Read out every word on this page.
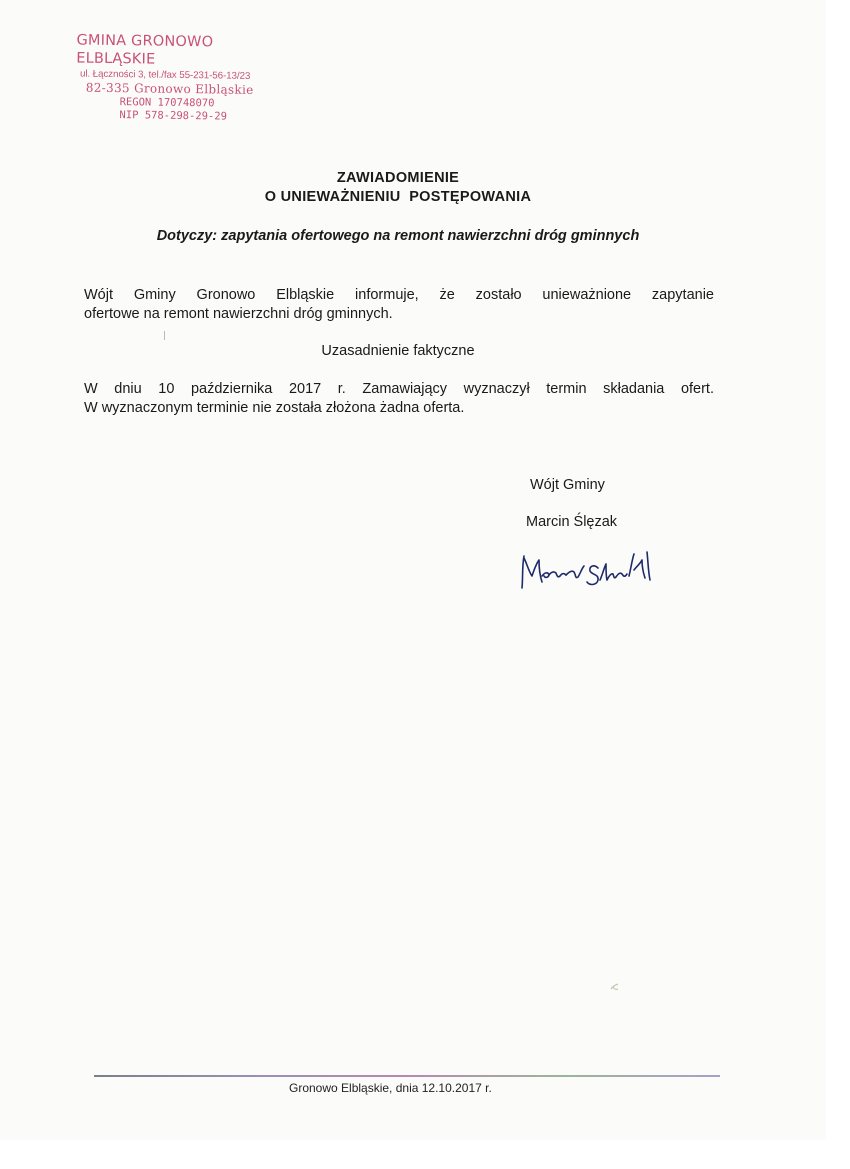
GMINA GRONOWO ELBLĄSKIE
ul. Łączności 3, tel./fax 55-231-56-13/23
82-335 Gronowo Elbląskie
REGON 170748070
NIP 578-298-29-29
ZAWIADOMIENIE
O UNIEWAŻNIENIU  POSTĘPOWANIA
Dotyczy: zapytania ofertowego na remont nawierzchni dróg gminnych
Wójt Gminy Gronowo Elbląskie informuje, że zostało unieważnione zapytanie
ofertowe na remont nawierzchni dróg gminnych.
Uzasadnienie faktyczne
W dniu 10 października 2017 r. Zamawiający wyznaczył termin składania ofert.
W wyznaczonym terminie nie została złożona żadna oferta.
Wójt Gminy
Marcin Ślęzak
Gronowo Elbląskie, dnia 12.10.2017 r.
